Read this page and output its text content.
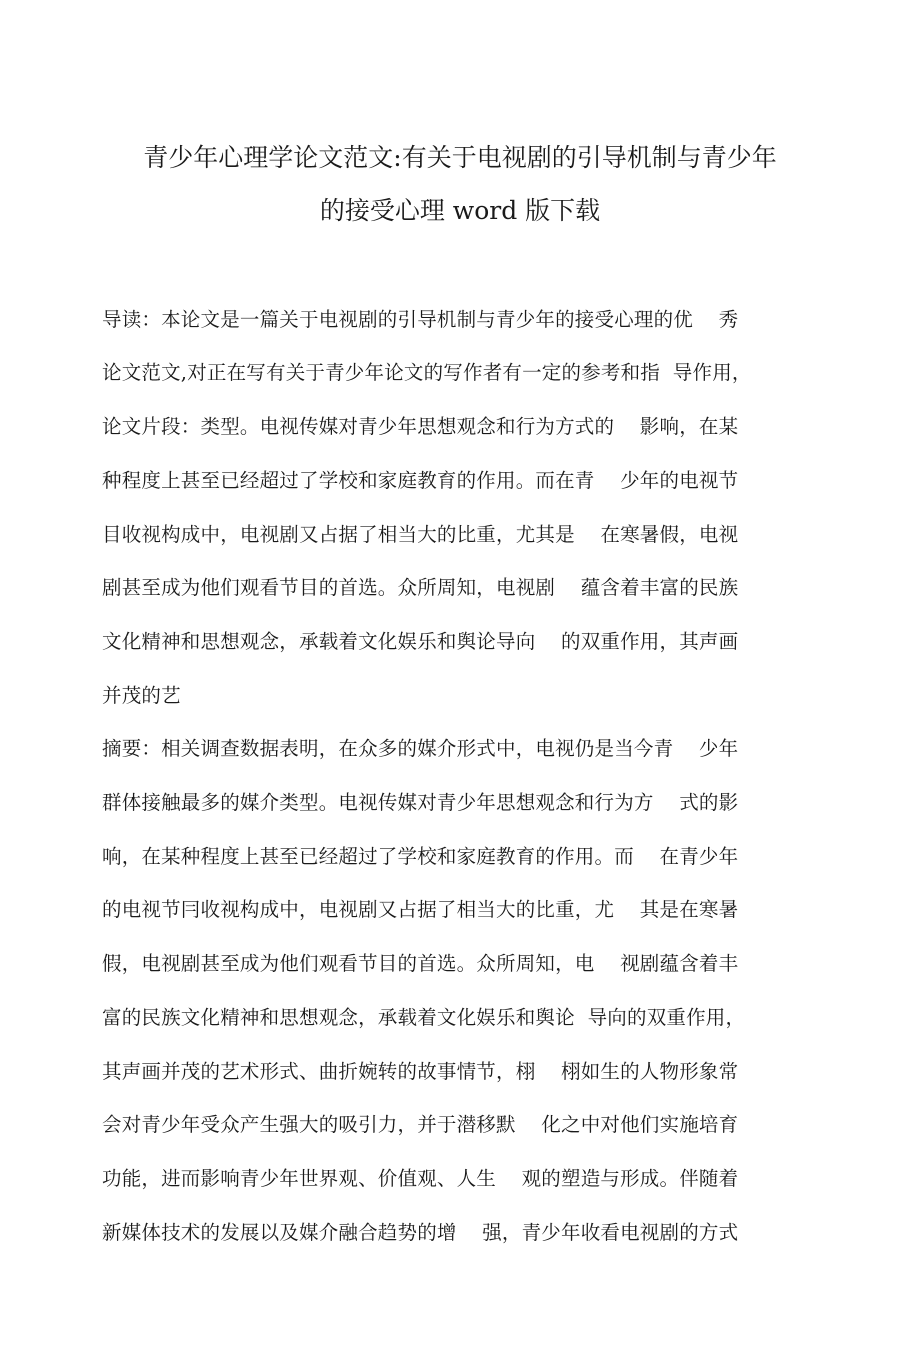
青少年心理学论文范文:有关于电视剧的引导机制与青少年
的接受心理 word 版下载

导读：本论文是一篇关于电视剧的引导机制与青少年的接受心理的优    秀

论文范文,对正在写有关于青少年论文的写作者有一定的参考和指  导作用，

论文片段：类型。电视传媒对青少年思想观念和行为方式的    影响，在某

种程度上甚至已经超过了学校和家庭教育的作用。而在青    少年的电视节

目收视构成中，电视剧又占据了相当大的比重，尤其是    在寒暑假，电视

剧甚至成为他们观看节目的首选。众所周知，电视剧    蕴含着丰富的民族

文化精神和思想观念，承载着文化娱乐和舆论导向    的双重作用，其声画

并茂的艺

摘要：相关调查数据表明，在众多的媒介形式中，电视仍是当今青    少年

群体接触最多的媒介类型。电视传媒对青少年思想观念和行为方    式的影

响，在某种程度上甚至已经超过了学校和家庭教育的作用。而    在青少年

的电视节冃收视构成中，电视剧又占据了相当大的比重，尤    其是在寒暑

假，电视剧甚至成为他们观看节目的首选。众所周知，电    视剧蕴含着丰

富的民族文化精神和思想观念，承载着文化娱乐和舆论  导向的双重作用，

其声画并茂的艺术形式、曲折婉转的故事情节，栩    栩如生的人物形象常

会对青少年受众产生强大的吸引力，并于潜移默    化之中对他们实施培育

功能，进而影响青少年世界观、价值观、人生    观的塑造与形成。伴随着

新媒体技术的发展以及媒介融合趋势的增    强，青少年收看电视剧的方式
